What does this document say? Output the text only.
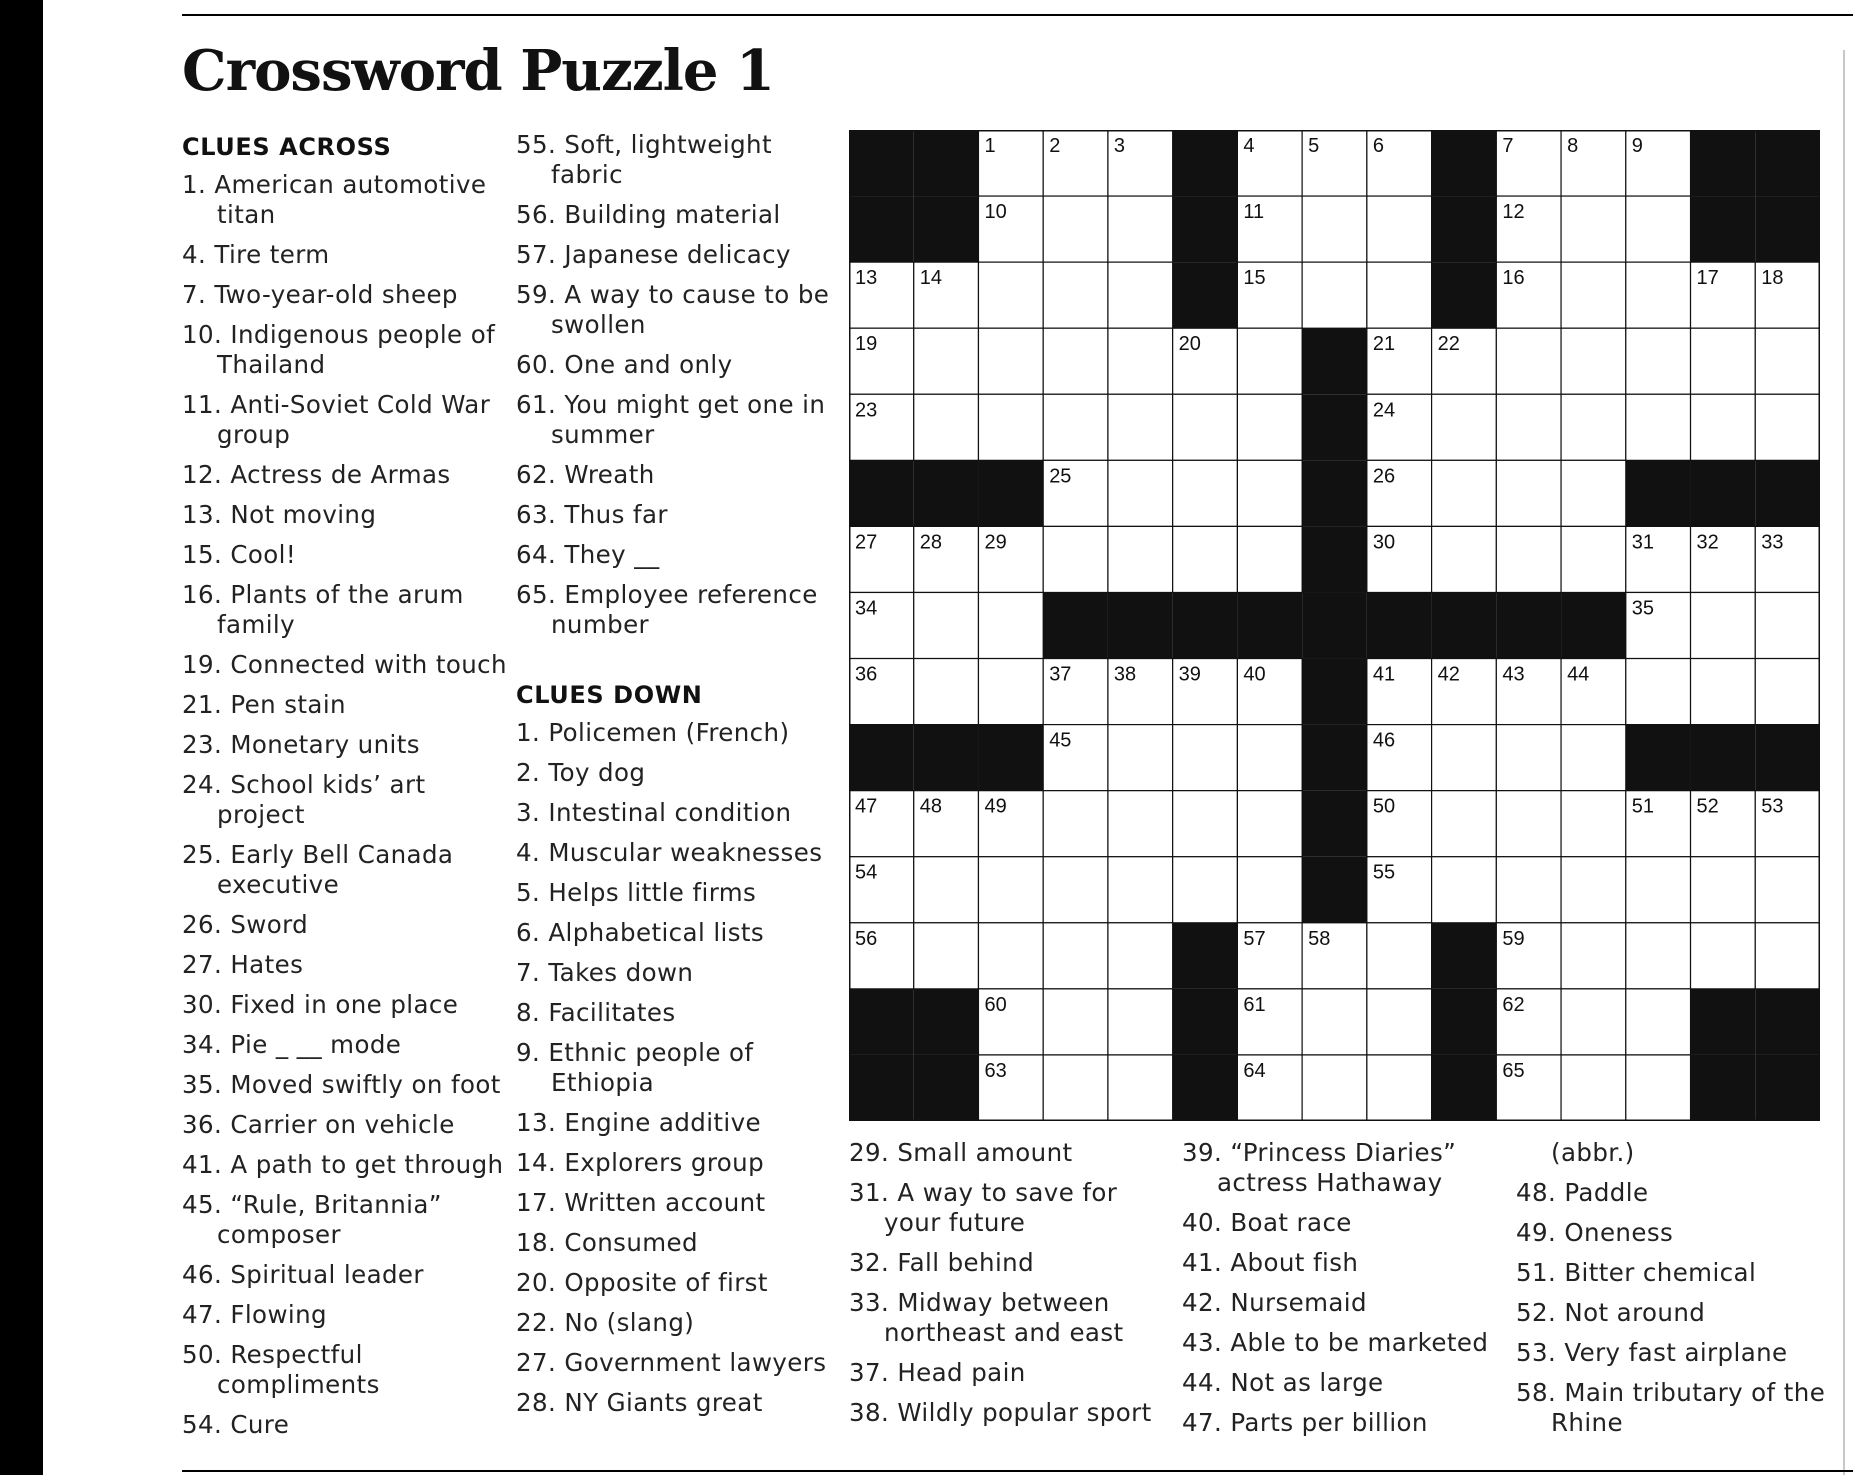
Crossword Puzzle 1
CLUES ACROSS
1. American automotive titan
4. Tire term
7. Two-year-old sheep
10. Indigenous people of Thailand
11. Anti-Soviet Cold War group
12. Actress de Armas
13. Not moving
15. Cool!
16. Plants of the arum family
19. Connected with touch
21. Pen stain
23. Monetary units
24. School kids’ art project
25. Early Bell Canada executive
26. Sword
27. Hates
30. Fixed in one place
34. Pie _ __ mode
35. Moved swiftly on foot
36. Carrier on vehicle
41. A path to get through
45. “Rule, Britannia” composer
46. Spiritual leader
47. Flowing
50. Respectful compliments
54. Cure
55. Soft, lightweight fabric
56. Building material
57. Japanese delicacy
59. A way to cause to be swollen
60. One and only
61. You might get one in summer
62. Wreath
63. Thus far
64. They __
65. Employee reference number
CLUES DOWN
1. Policemen (French)
2. Toy dog
3. Intestinal condition
4. Muscular weaknesses
5. Helps little firms
6. Alphabetical lists
7. Takes down
8. Facilitates
9. Ethnic people of Ethiopia
13. Engine additive
14. Explorers group
17. Written account
18. Consumed
20. Opposite of first
22. No (slang)
27. Government lawyers
28. NY Giants great
1	2	3	4	5	6	7	8	9
10	11	12
13 14	15	16	17 18
19	20	21 22
23	24
25	26
27 28 29	30	31 32 33
34	35
36	37 38 39 40	41 42 43 44
45	46
47 48 49	50	51 52 53
54	55
56	57 58	59
60	61	62
63	64	65
29. Small amount
31. A way to save for your future
32. Fall behind
33. Midway between northeast and east
37. Head pain
38. Wildly popular sport
39. “Princess Diaries” actress Hathaway
40. Boat race
41. About fish
42. Nursemaid
43. Able to be marketed
44. Not as large
47. Parts per billion
(abbr.)
48. Paddle
49. Oneness
51. Bitter chemical
52. Not around
53. Very fast airplane
58. Main tributary of the Rhine
